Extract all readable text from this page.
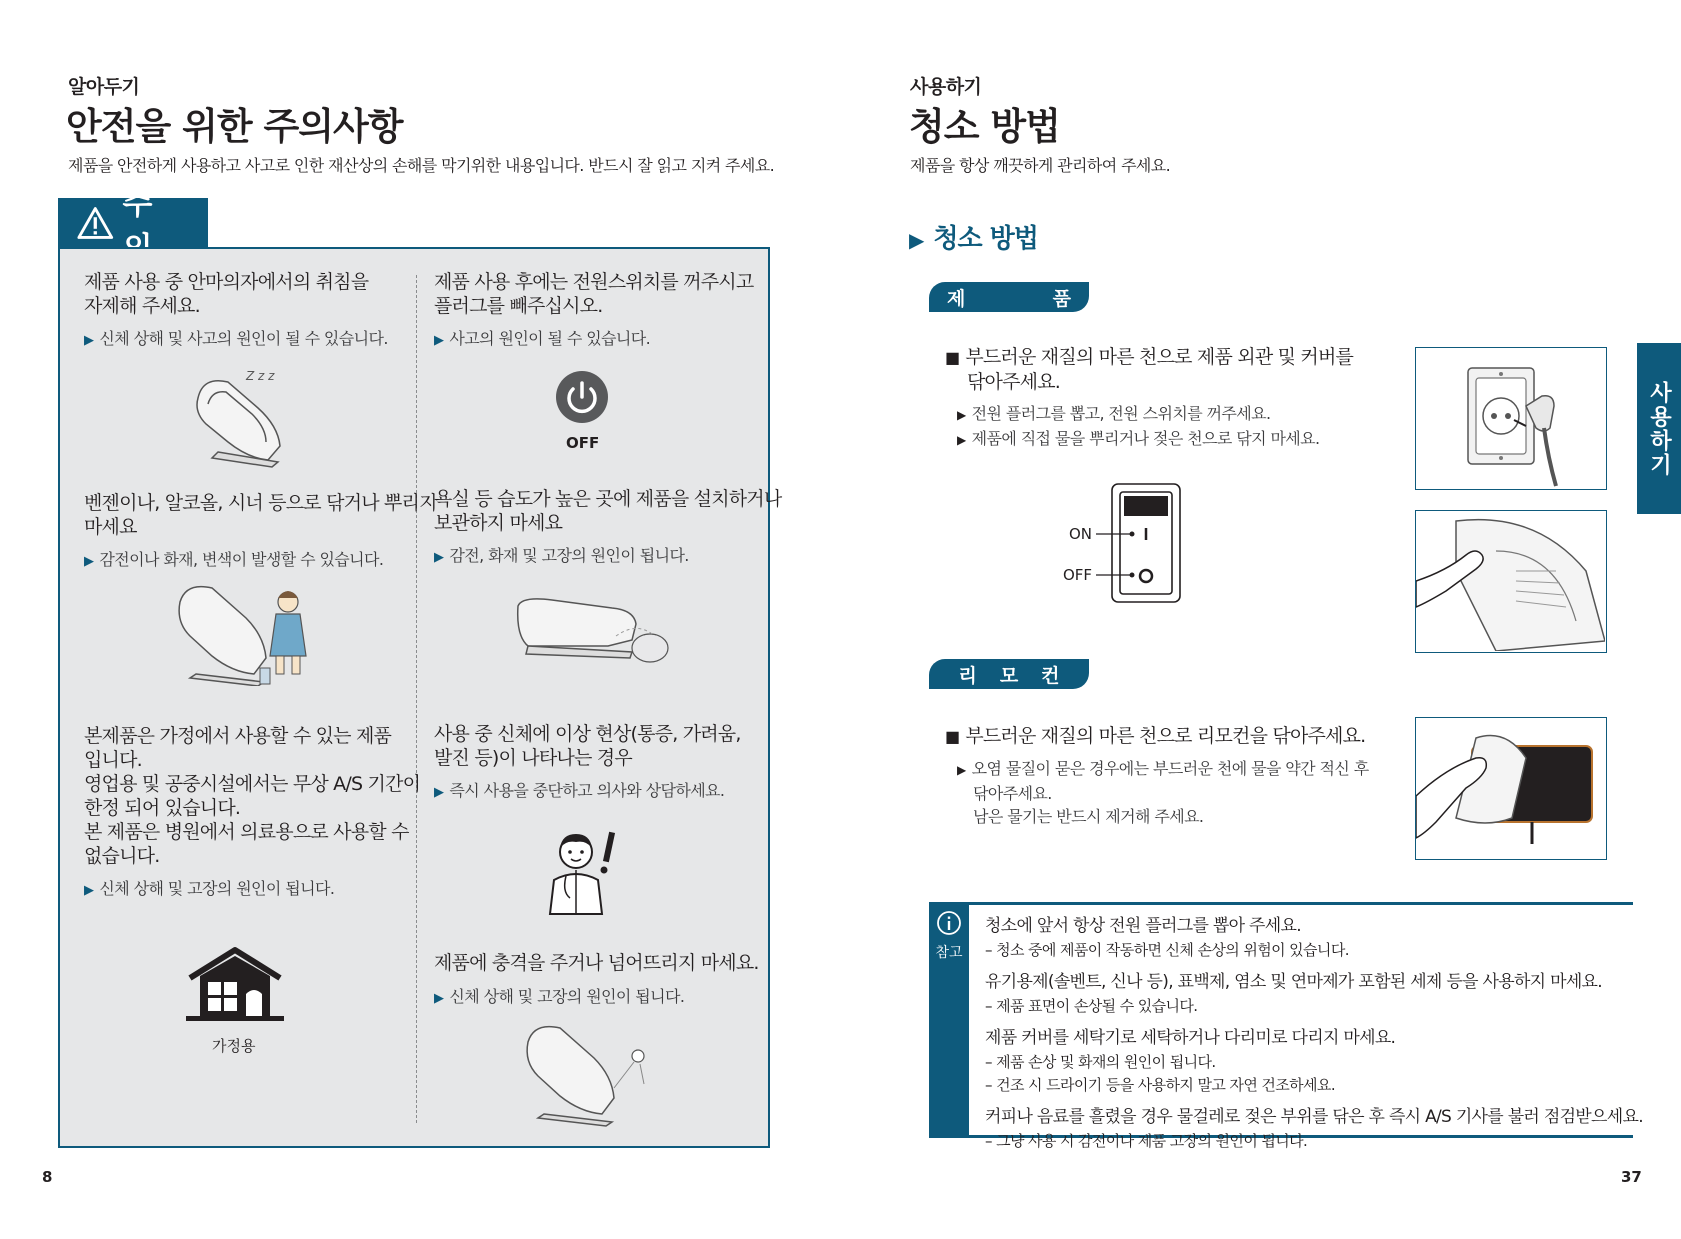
알아두기
안전을 위한 주의사항
제품을 안전하게 사용하고 사고로 인한 재산상의 손해를 막기위한 내용입니다. 반드시 잘 읽고 지켜 주세요.
주
제품 사용 중 안마의자에서의 취침을
자제해 주세요.
▶ 신체 상해 및 사고의 원인이 될 수 있습니다.
Z z z
제품 사용 후에는 전원스위치를 꺼주시고
플러그를 빼주십시오.
▶ 사고의 원인이 될 수 있습니다.
OFF
벤젠이나, 알코올, 시너 등으로 닦거나 뿌리지
마세요
▶ 감전이나 화재, 변색이 발생할 수 있습니다.
욕실 등 습도가 높은 곳에 제품을 설치하거나
보관하지 마세요
▶ 감전, 화재 및 고장의 원인이 됩니다.
본제품은 가정에서 사용할 수 있는 제품
입니다.
영업용 및 공중시설에서는 무상 A/S 기간이
한정 되어 있습니다.
본 제품은 병원에서 의료용으로 사용할 수
없습니다.
▶ 신체 상해 및 고장의 원인이 됩니다.
가정용
사용 중 신체에 이상 현상(통증, 가려움,
발진 등)이 나타나는 경우
▶ 즉시 사용을 중단하고 의사와 상담하세요.
제품에 충격을 주거나 넘어뜨리지 마세요.
▶ 신체 상해 및 고장의 원인이 됩니다.
8
사용하기
청소 방법
제품을 항상 깨끗하게 관리하여 주세요.
▶ 청소 방법
사용하기
제	품
■ 부드러운 재질의 마른 천으로 제품 외관 및 커버를
닦아주세요.
▶ 전원 플러그를 뽑고, 전원 스위치를 꺼주세요.
▶ 제품에 직접 물을 뿌리거나 젖은 천으로 닦지 마세요.
ON
OFF
리 모 컨
■ 부드러운 재질의 마른 천으로 리모컨을 닦아주세요.
▶ 오염 물질이 묻은 경우에는 부드러운 천에 물을 약간 적신 후
닦아주세요.
남은 물기는 반드시 제거해 주세요.
참고
청소에 앞서 항상 전원 플러그를 뽑아 주세요.
– 청소 중에 제품이 작동하면 신체 손상의 위험이 있습니다.
유기용제(솔벤트, 신나 등), 표백제, 염소 및 연마제가 포함된 세제 등을 사용하지 마세요.
– 제품 표면이 손상될 수 있습니다.
제품 커버를 세탁기로 세탁하거나 다리미로 다리지 마세요.
– 제품 손상 및 화재의 원인이 됩니다.
– 건조 시 드라이기 등을 사용하지 말고 자연 건조하세요.
커피나 음료를 흘렸을 경우 물걸레로 젖은 부위를 닦은 후 즉시 A/S 기사를 불러 점검받으세요.
– 그냥 사용 시 감전이나 제품 고장의 원인이 됩니다.
37
